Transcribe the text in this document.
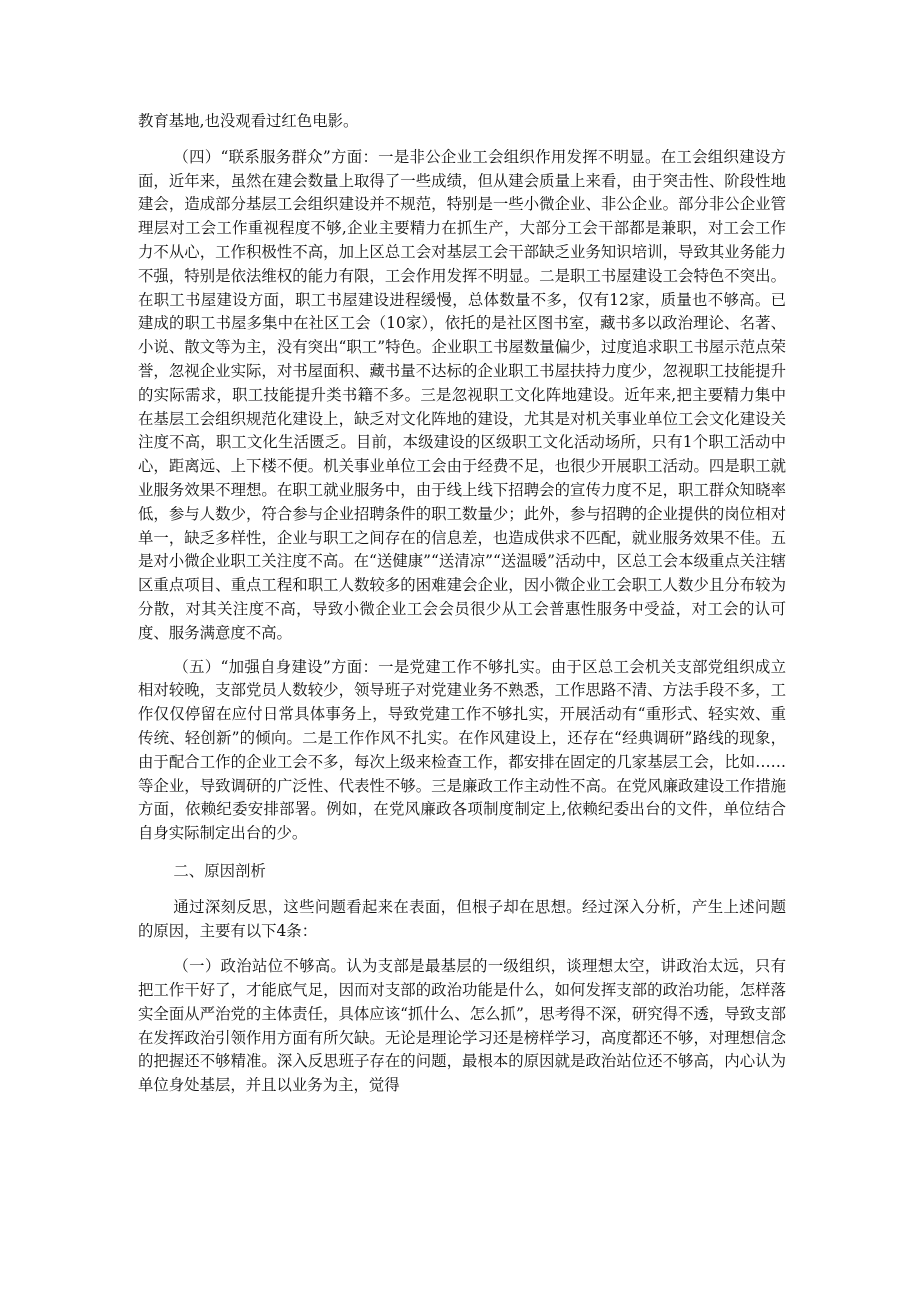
教育基地,也没观看过红色电影。

（四）“联系服务群众”方面：一是非公企业工会组织作用发挥不明显。在工会组织建设方面，近年来，虽然在建会数量上取得了一些成绩，但从建会质量上来看，由于突击性、阶段性地建会，造成部分基层工会组织建设并不规范，特别是一些小微企业、非公企业。部分非公企业管理层对工会工作重视程度不够,企业主要精力在抓生产，大部分工会干部都是兼职，对工会工作力不从心，工作积极性不高，加上区总工会对基层工会干部缺乏业务知识培训，导致其业务能力不强，特别是依法维权的能力有限，工会作用发挥不明显。二是职工书屋建设工会特色不突出。在职工书屋建设方面，职工书屋建设进程缓慢，总体数量不多，仅有12家，质量也不够高。已建成的职工书屋多集中在社区工会（10家），依托的是社区图书室，藏书多以政治理论、名著、小说、散文等为主，没有突出“职工”特色。企业职工书屋数量偏少，过度追求职工书屋示范点荣誉，忽视企业实际，对书屋面积、藏书量不达标的企业职工书屋扶持力度少，忽视职工技能提升的实际需求，职工技能提升类书籍不多。三是忽视职工文化阵地建设。近年来,把主要精力集中在基层工会组织规范化建设上，缺乏对文化阵地的建设，尤其是对机关事业单位工会文化建设关注度不高，职工文化生活匮乏。目前，本级建设的区级职工文化活动场所，只有1个职工活动中心，距离远、上下楼不便。机关事业单位工会由于经费不足，也很少开展职工活动。四是职工就业服务效果不理想。在职工就业服务中，由于线上线下招聘会的宣传力度不足，职工群众知晓率低，参与人数少，符合参与企业招聘条件的职工数量少；此外，参与招聘的企业提供的岗位相对单一，缺乏多样性，企业与职工之间存在的信息差，也造成供求不匹配，就业服务效果不佳。五是对小微企业职工关注度不高。在“送健康”“送清凉”“送温暖”活动中，区总工会本级重点关注辖区重点项目、重点工程和职工人数较多的困难建会企业，因小微企业工会职工人数少且分布较为分散，对其关注度不高，导致小微企业工会会员很少从工会普惠性服务中受益，对工会的认可度、服务满意度不高。

（五）“加强自身建设”方面：一是党建工作不够扎实。由于区总工会机关支部党组织成立相对较晚，支部党员人数较少，领导班子对党建业务不熟悉，工作思路不清、方法手段不多，工作仅仅停留在应付日常具体事务上，导致党建工作不够扎实，开展活动有“重形式、轻实效、重传统、轻创新”的倾向。二是工作作风不扎实。在作风建设上，还存在“经典调研”路线的现象，由于配合工作的企业工会不多，每次上级来检查工作，都安排在固定的几家基层工会，比如……等企业，导致调研的广泛性、代表性不够。三是廉政工作主动性不高。在党风廉政建设工作措施方面，依赖纪委安排部署。例如，在党风廉政各项制度制定上,依赖纪委出台的文件，单位结合自身实际制定出台的少。

二、原因剖析

通过深刻反思，这些问题看起来在表面，但根子却在思想。经过深入分析，产生上述问题的原因，主要有以下4条：

（一）政治站位不够高。认为支部是最基层的一级组织，谈理想太空，讲政治太远，只有把工作干好了，才能底气足，因而对支部的政治功能是什么，如何发挥支部的政治功能，怎样落实全面从严治党的主体责任，具体应该“抓什么、怎么抓”，思考得不深，研究得不透，导致支部在发挥政治引领作用方面有所欠缺。无论是理论学习还是榜样学习，高度都还不够，对理想信念的把握还不够精准。深入反思班子存在的问题，最根本的原因就是政治站位还不够高，内心认为单位身处基层，并且以业务为主，觉得
